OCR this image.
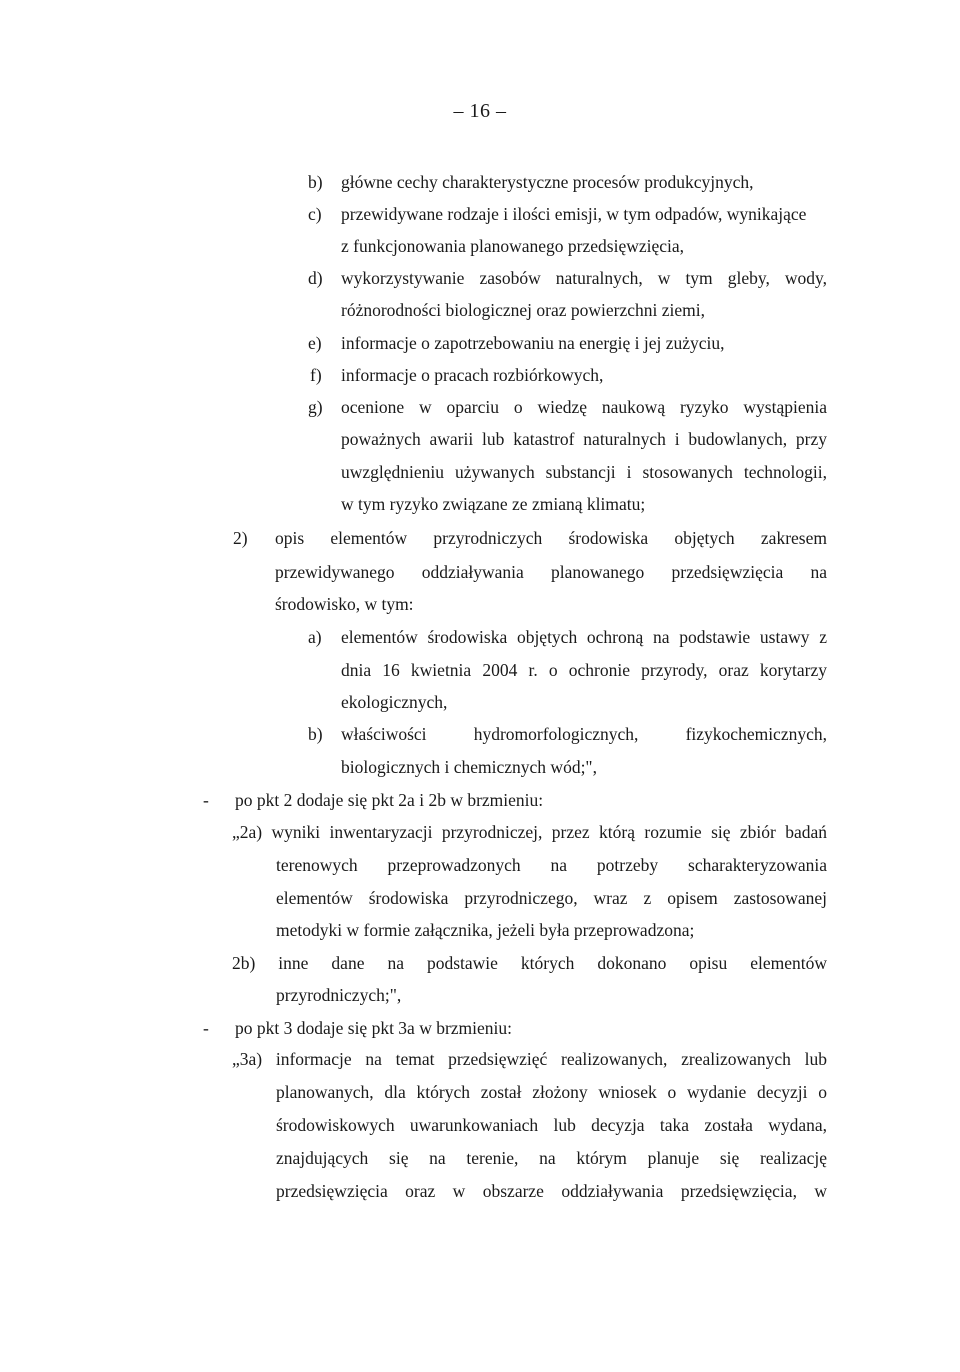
– 16 –
b) główne cechy charakterystyczne procesów produkcyjnych,
c) przewidywane rodzaje i ilości emisji, w tym odpadów, wynikające
z funkcjonowania planowanego przedsięwzięcia,
d) wykorzystywanie zasobów naturalnych, w tym gleby, wody,
różnorodności biologicznej oraz powierzchni ziemi,
e) informacje o zapotrzebowaniu na energię i jej zużyciu,
f) informacje o pracach rozbiórkowych,
g) ocenione w oparciu o wiedzę naukową ryzyko wystąpienia
poważnych awarii lub katastrof naturalnych i budowlanych, przy
uwzględnieniu używanych substancji i stosowanych technologii,
w tym ryzyko związane ze zmianą klimatu;
2) opis elementów przyrodniczych środowiska objętych zakresem
przewidywanego oddziaływania planowanego przedsięwzięcia na
środowisko, w tym:
a) elementów środowiska objętych ochroną na podstawie ustawy z
dnia 16 kwietnia 2004 r. o ochronie przyrody, oraz korytarzy
ekologicznych,
b) właściwości hydromorfologicznych, fizykochemicznych,
biologicznych i chemicznych wód;",
- po pkt 2 dodaje się pkt 2a i 2b w brzmieniu:
„2a) wyniki inwentaryzacji przyrodniczej, przez którą rozumie się zbiór badań
terenowych przeprowadzonych na potrzeby scharakteryzowania
elementów środowiska przyrodniczego, wraz z opisem zastosowanej
metodyki w formie załącznika, jeżeli była przeprowadzona;
2b) inne dane na podstawie których dokonano opisu elementów
przyrodniczych;",
- po pkt 3 dodaje się pkt 3a w brzmieniu:
„3a) informacje na temat przedsięwzięć realizowanych, zrealizowanych lub
planowanych, dla których został złożony wniosek o wydanie decyzji o
środowiskowych uwarunkowaniach lub decyzja taka została wydana,
znajdujących się na terenie, na którym planuje się realizację
przedsięwzięcia oraz w obszarze oddziaływania przedsięwzięcia, w
